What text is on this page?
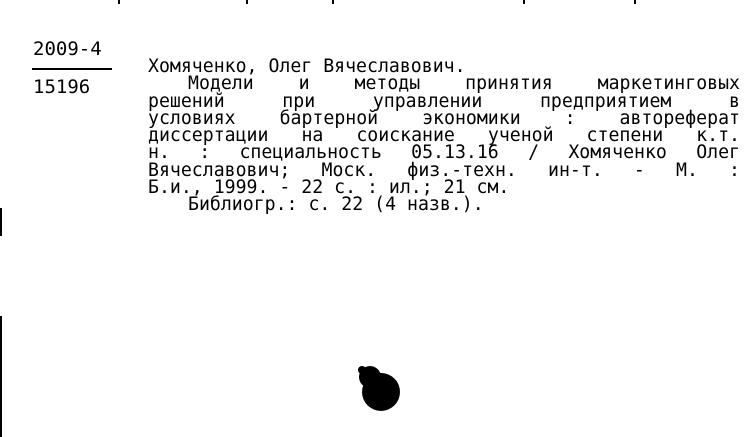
2009-4
15196
Хомяченко, Олег Вячеславович.
Модели и методы принятия маркетинговых
решений при управлении предприятием в
условиях бартерной экономики : автореферат
диссертации на соискание ученой степени к.т.
н. : специальность 05.13.16 / Хомяченко Олег
Вячеславович; Моск. физ.-техн. ин-т. - М. :
Б.и., 1999. - 22 с. : ил.; 21 см.
Библиогр.: с. 22 (4 назв.).
